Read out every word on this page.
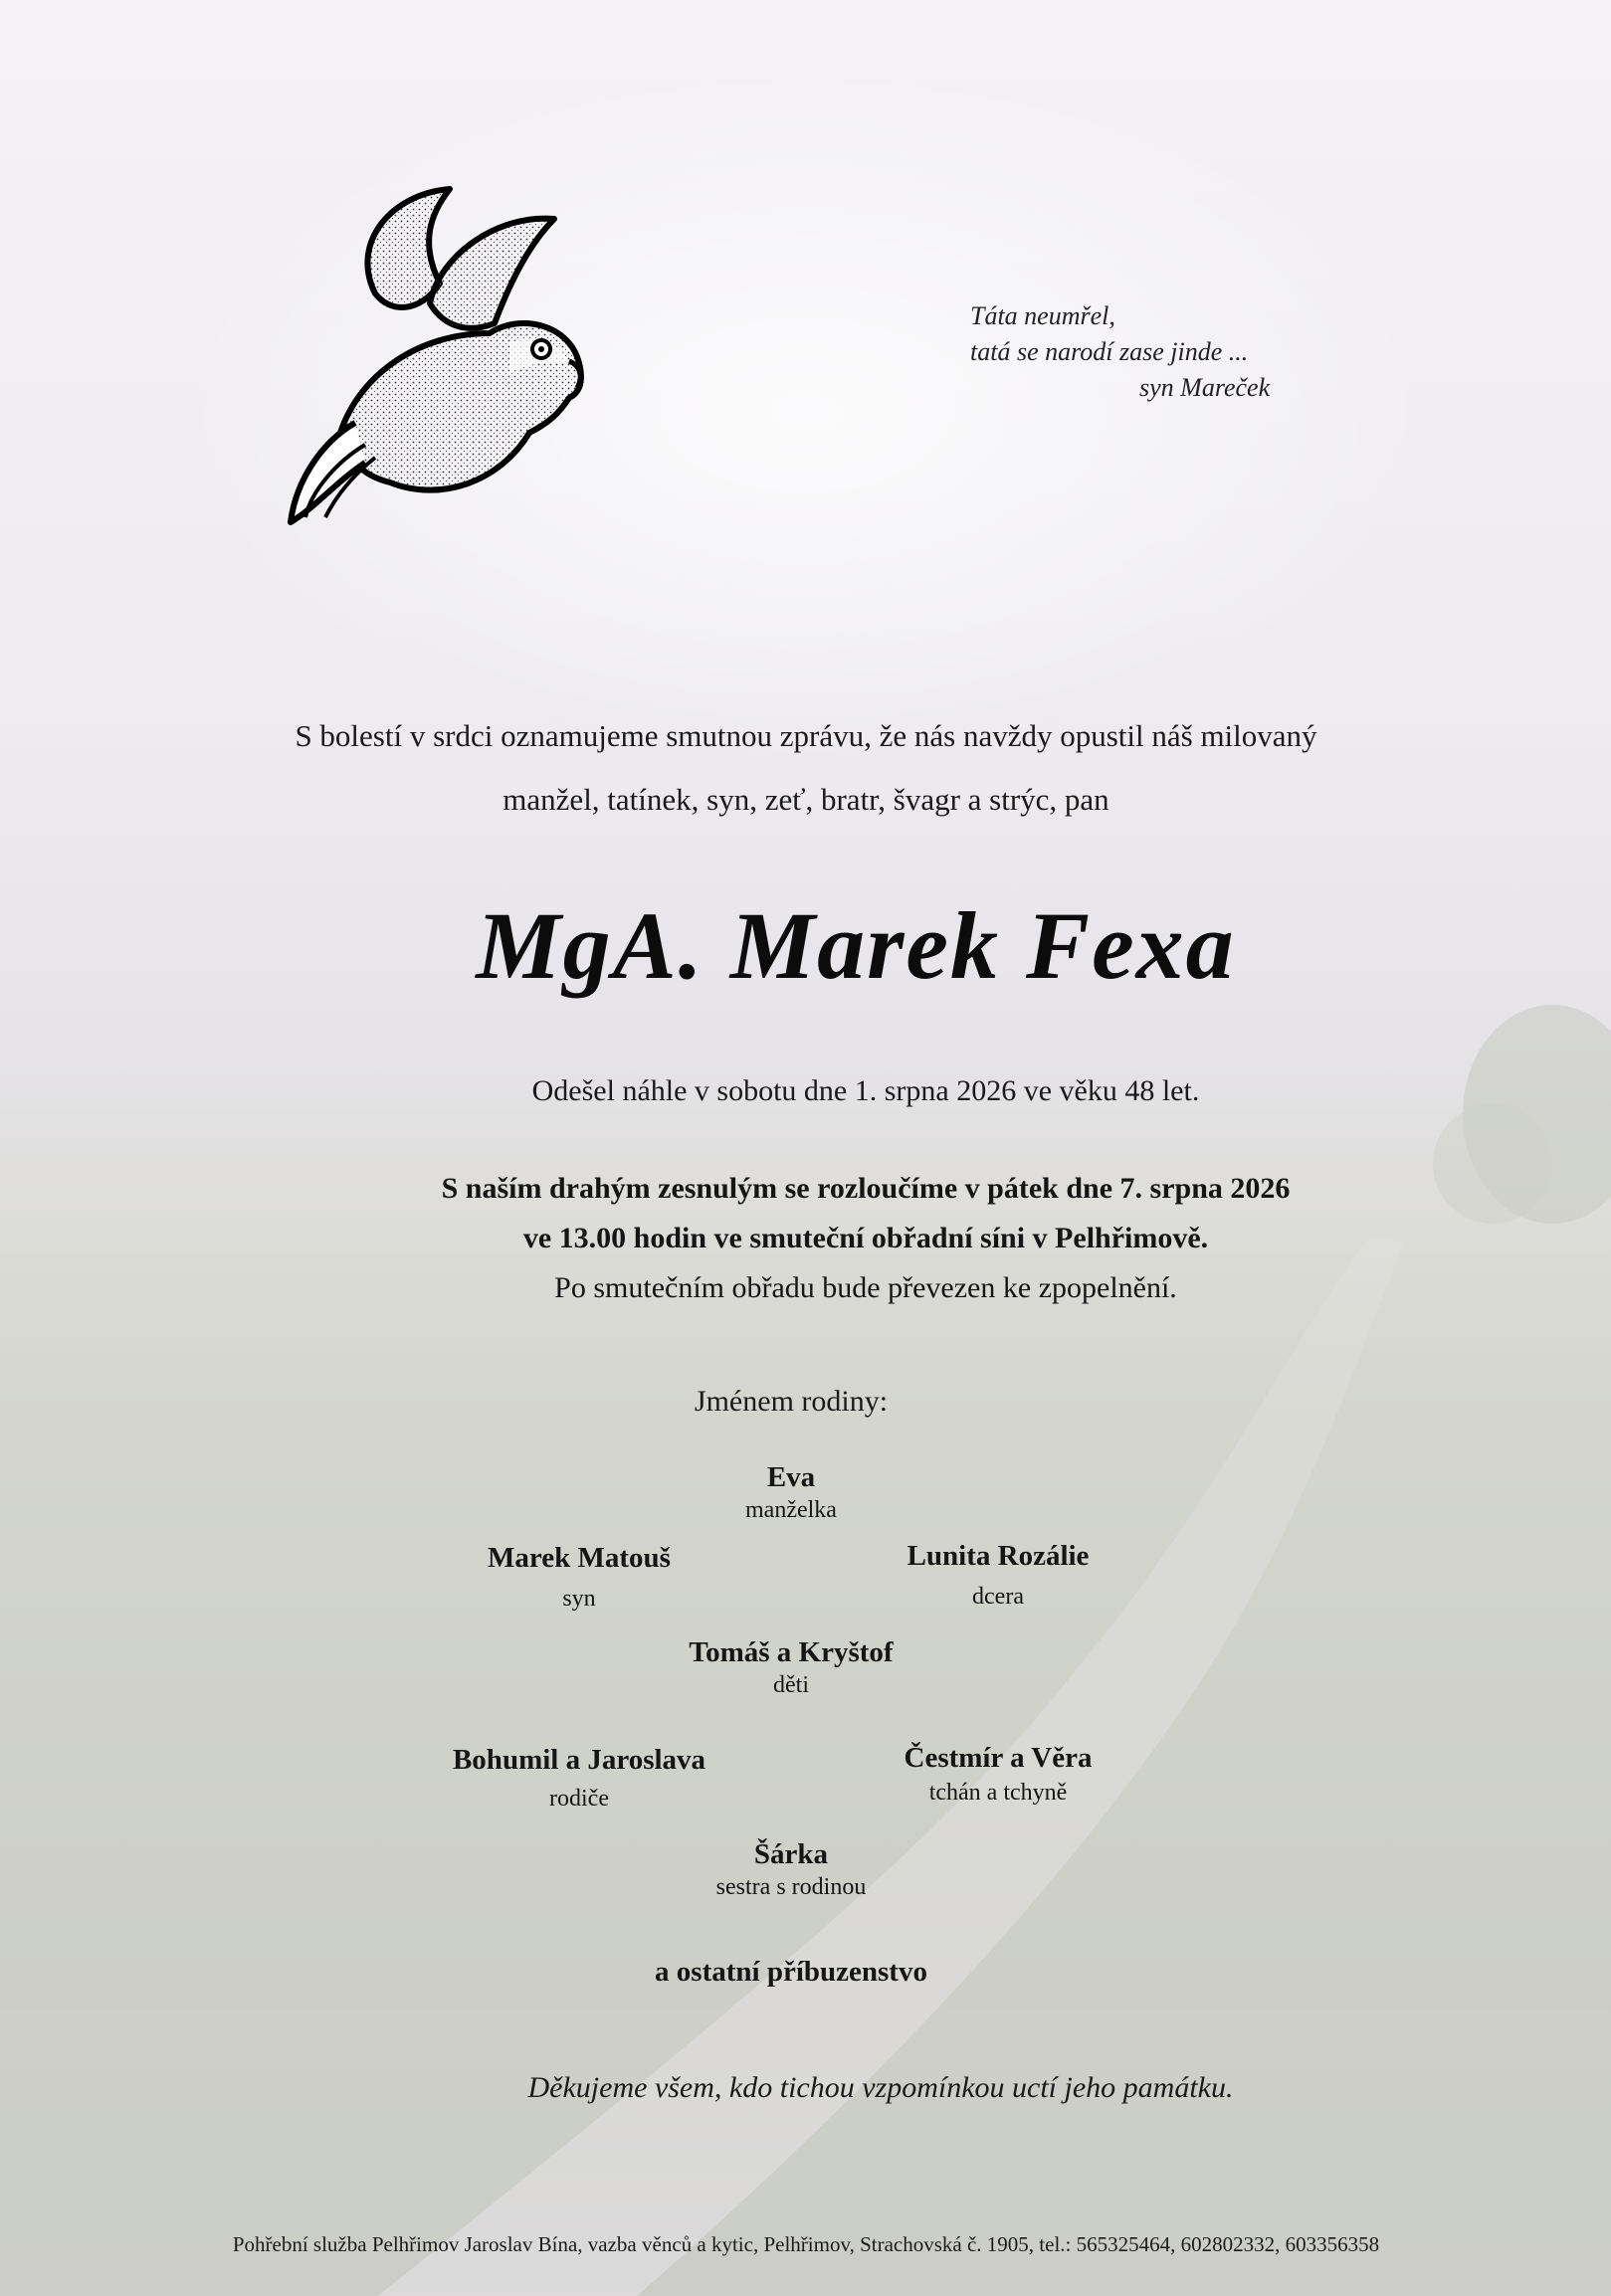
Táta neumřel,
tatá se narodí zase jinde ...
syn Mareček
S bolestí v srdci oznamujeme smutnou zprávu, že nás navždy opustil náš milovaný
manžel, tatínek, syn, zeť, bratr, švagr a strýc, pan
MgA. Marek Fexa
Odešel náhle v sobotu dne 1. srpna 2026 ve věku 48 let.
S naším drahým zesnulým se rozloučíme v pátek dne 7. srpna 2026
ve 13.00 hodin ve smuteční obřadní síni v Pelhřimově.
Po smutečním obřadu bude převezen ke zpopelnění.
Jménem rodiny:
Eva
manželka
Marek Matouš
syn
Lunita Rozálie
dcera
Tomáš a Kryštof
děti
Bohumil a Jaroslava
rodiče
Čestmír a Věra
tchán a tchyně
Šárka
sestra s rodinou
a ostatní příbuzenstvo
Děkujeme všem, kdo tichou vzpomínkou uctí jeho památku.
Pohřební služba Pelhřimov Jaroslav Bína, vazba věnců a kytic, Pelhřimov, Strachovská č. 1905, tel.: 565325464, 602802332, 603356358
